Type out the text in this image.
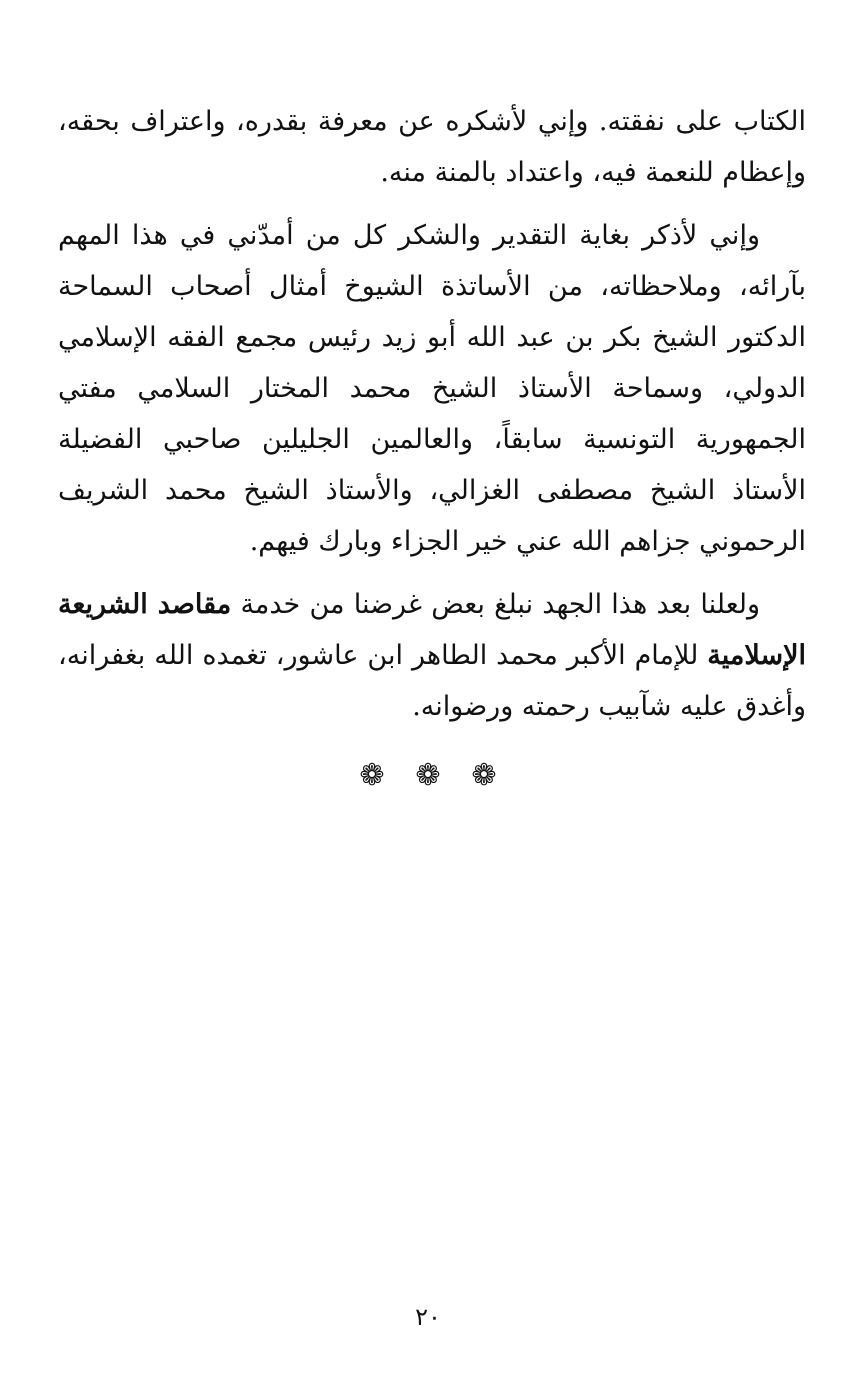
الكتاب على نفقته. وإني لأشكره عن معرفة بقدره، واعتراف بحقه، وإعظام للنعمة فيه، واعتداد بالمنة منه.

وإني لأذكر بغاية التقدير والشكر كل من أمدّني في هذا المهم بآرائه، وملاحظاته، من الأساتذة الشيوخ أمثال أصحاب السماحة الدكتور الشيخ بكر بن عبد الله أبو زيد رئيس مجمع الفقه الإسلامي الدولي، وسماحة الأستاذ الشيخ محمد المختار السلامي مفتي الجمهورية التونسية سابقاً، والعالمين الجليلين صاحبي الفضيلة الأستاذ الشيخ مصطفى الغزالي، والأستاذ الشيخ محمد الشريف الرحموني جزاهم الله عني خير الجزاء وبارك فيهم.

ولعلنا بعد هذا الجهد نبلغ بعض غرضنا من خدمة مقاصد الشريعة الإسلامية للإمام الأكبر محمد الطاهر ابن عاشور، تغمده الله بغفرانه، وأغدق عليه شآبيب رحمته ورضوانه.

❁
❁
❁
٢٠
